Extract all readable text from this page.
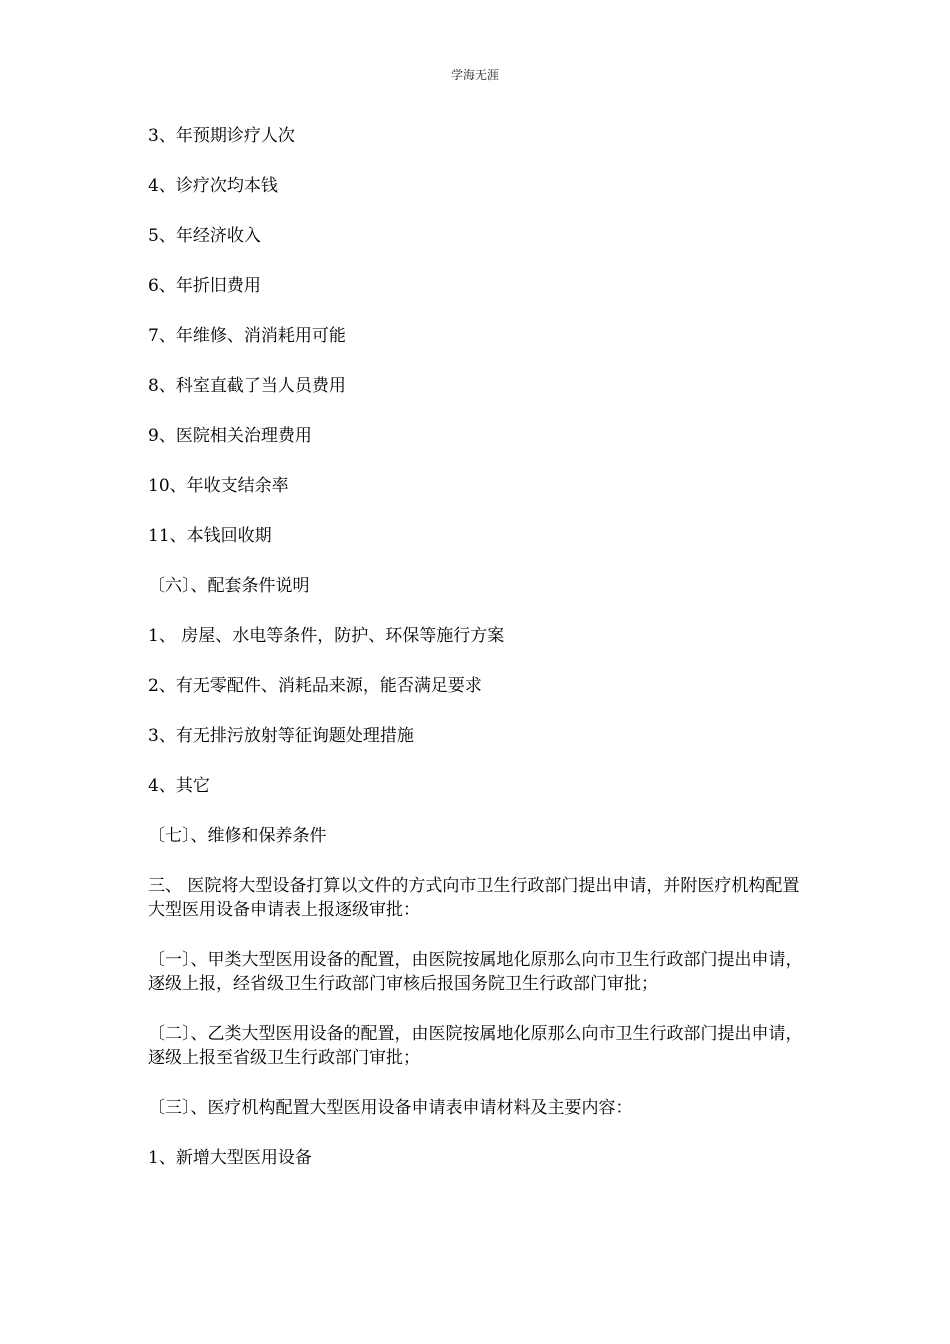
学海无涯

3、年预期诊疗人次

4、诊疗次均本钱

5、年经济收入

6、年折旧费用

7、年维修、消消耗用可能

8、科室直截了当人员费用

9、医院相关治理费用

10、年收支结余率

11、本钱回收期

〔六〕、配套条件说明

1、 房屋、水电等条件，防护、环保等施行方案

2、有无零配件、消耗品来源，能否满足要求

3、有无排污放射等征询题处理措施

4、其它

〔七〕、维修和保养条件

三、 医院将大型设备打算以文件的方式向市卫生行政部门提出申请，并附医疗机构配置大型医用设备申请表上报逐级审批：

〔一〕、甲类大型医用设备的配置，由医院按属地化原那么向市卫生行政部门提出申请，逐级上报，经省级卫生行政部门审核后报国务院卫生行政部门审批；

〔二〕、乙类大型医用设备的配置，由医院按属地化原那么向市卫生行政部门提出申请，逐级上报至省级卫生行政部门审批；

〔三〕、医疗机构配置大型医用设备申请表申请材料及主要内容：

1、新增大型医用设备
